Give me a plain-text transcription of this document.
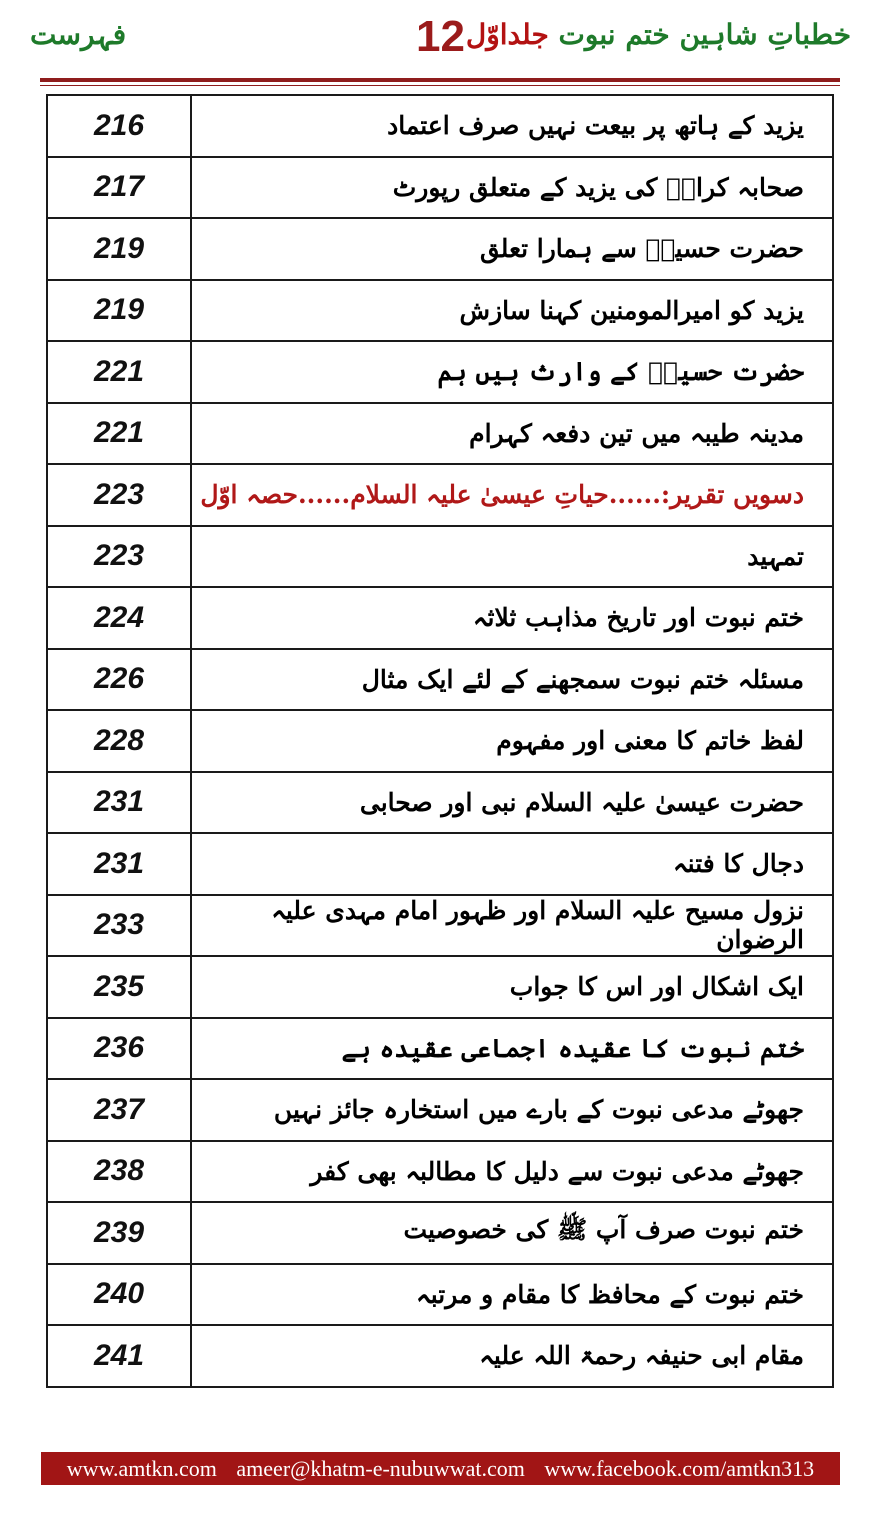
فہرست	12	خطباتِ شاہین ختم نبوت جلداوّل
216	یزید کے ہاتھ پر بیعت نہیں صرف اعتماد
217	صحابہ کرامؓ کی یزید کے متعلق رپورٹ
219	حضرت حسینؓ سے ہمارا تعلق
219	یزید کو امیرالمومنین کہنا سازش
221	حضرت حسینؓ کے وارث ہیں ہم
221	مدینہ طیبہ میں تین دفعہ کہرام
223	دسویں تقریر:......حیاتِ عیسیٰ علیہ السلام......حصہ اوّل
223	تمہید
224	ختم نبوت اور تاریخ مذاہب ثلاثہ
226	مسئلہ ختم نبوت سمجھنے کے لئے ایک مثال
228	لفظ خاتم کا معنی اور مفہوم
231	حضرت عیسیٰ علیہ السلام نبی اور صحابی
231	دجال کا فتنہ
233	نزول مسیح علیہ السلام اور ظہور امام مہدی علیہ الرضوان
235	ایک اشکال اور اس کا جواب
236	ختم نبوت کا عقیدہ اجماعی عقیدہ ہے
237	جھوٹے مدعی نبوت کے بارے میں استخارہ جائز نہیں
238	جھوٹے مدعی نبوت سے دلیل کا مطالبہ بھی کفر
239	ختم نبوت صرف آپ ﷺ کی خصوصیت
240	ختم نبوت کے محافظ کا مقام و مرتبہ
241	مقام ابی حنیفہ رحمۃ اللہ علیہ
www.amtkn.com ameer@khatm-e-nubuwwat.com www.facebook.com/amtkn313
